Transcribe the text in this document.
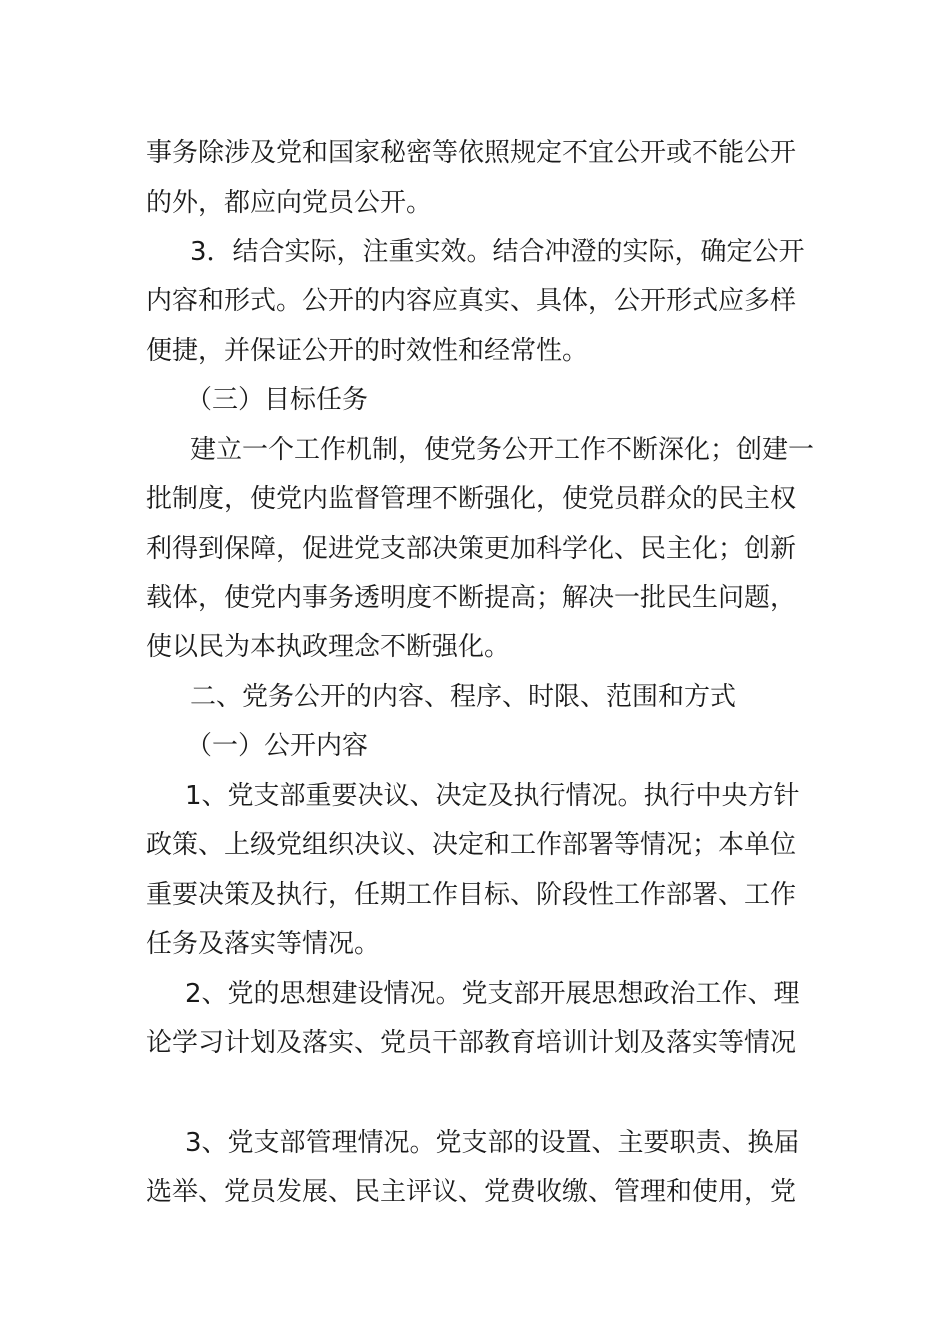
事务除涉及党和国家秘密等依照规定不宜公开或不能公开
的外，都应向党员公开。
3．结合实际，注重实效。结合冲澄的实际，确定公开
内容和形式。公开的内容应真实、具体，公开形式应多样
便捷，并保证公开的时效性和经常性。
（三）目标任务
建立一个工作机制，使党务公开工作不断深化；创建一
批制度，使党内监督管理不断强化，使党员群众的民主权
利得到保障，促进党支部决策更加科学化、民主化；创新
载体，使党内事务透明度不断提高；解决一批民生问题，
使以民为本执政理念不断强化。
二、党务公开的内容、程序、时限、范围和方式
（一）公开内容
1、党支部重要决议、决定及执行情况。执行中央方针
政策、上级党组织决议、决定和工作部署等情况；本单位
重要决策及执行，任期工作目标、阶段性工作部署、工作
任务及落实等情况。
2、党的思想建设情况。党支部开展思想政治工作、理
论学习计划及落实、党员干部教育培训计划及落实等情况
3、党支部管理情况。党支部的设置、主要职责、换届
选举、党员发展、民主评议、党费收缴、管理和使用，党
